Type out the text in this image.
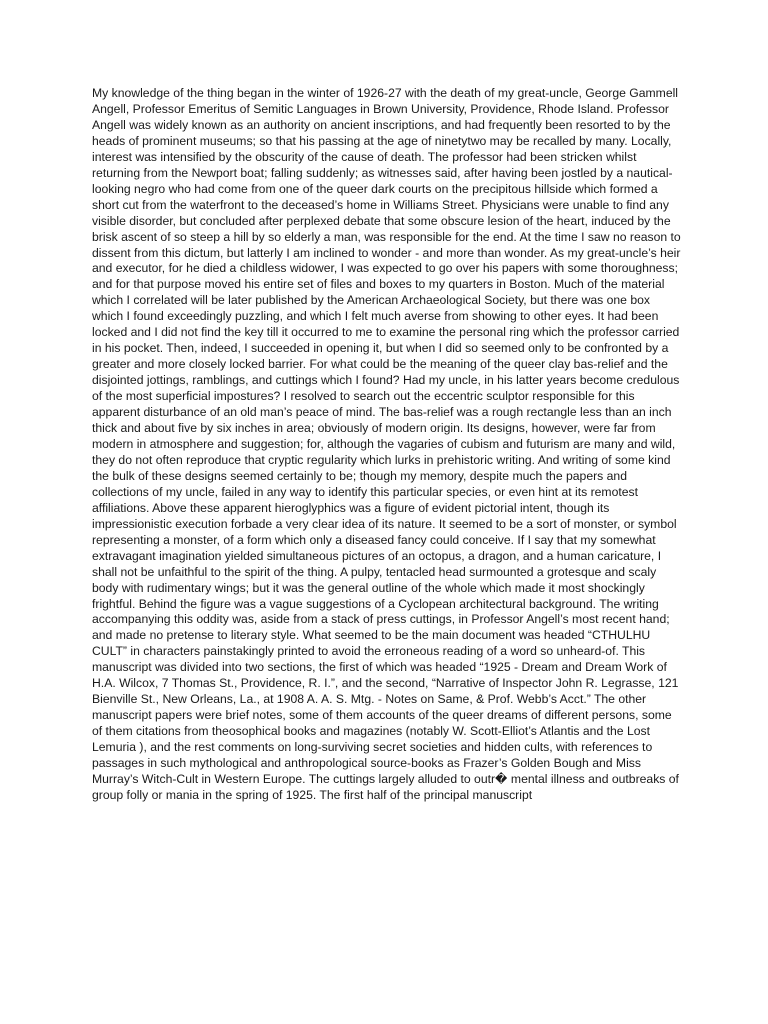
My knowledge of the thing began in the winter of 1926-27 with the death of my great-uncle, George Gammell Angell, Professor Emeritus of Semitic Languages in Brown University, Providence, Rhode Island. Professor Angell was widely known as an authority on ancient inscriptions, and had frequently been resorted to by the heads of prominent museums; so that his passing at the age of ninetytwo may be recalled by many. Locally, interest was intensified by the obscurity of the cause of death. The professor had been stricken whilst returning from the Newport boat; falling suddenly; as witnesses said, after having been jostled by a nautical-looking negro who had come from one of the queer dark courts on the precipitous hillside which formed a short cut from the waterfront to the deceased’s home in Williams Street. Physicians were unable to find any visible disorder, but concluded after perplexed debate that some obscure lesion of the heart, induced by the brisk ascent of so steep a hill by so elderly a man, was responsible for the end. At the time I saw no reason to dissent from this dictum, but latterly I am inclined to wonder - and more than wonder. As my great-uncle’s heir and executor, for he died a childless widower, I was expected to go over his papers with some thoroughness; and for that purpose moved his entire set of files and boxes to my quarters in Boston. Much of the material which I correlated will be later published by the American Archaeological Society, but there was one box which I found exceedingly puzzling, and which I felt much averse from showing to other eyes. It had been locked and I did not find the key till it occurred to me to examine the personal ring which the professor carried in his pocket. Then, indeed, I succeeded in opening it, but when I did so seemed only to be confronted by a greater and more closely locked barrier. For what could be the meaning of the queer clay bas-relief and the disjointed jottings, ramblings, and cuttings which I found? Had my uncle, in his latter years become credulous of the most superficial impostures? I resolved to search out the eccentric sculptor responsible for this apparent disturbance of an old man’s peace of mind. The bas-relief was a rough rectangle less than an inch thick and about five by six inches in area; obviously of modern origin. Its designs, however, were far from modern in atmosphere and suggestion; for, although the vagaries of cubism and futurism are many and wild, they do not often reproduce that cryptic regularity which lurks in prehistoric writing. And writing of some kind the bulk of these designs seemed certainly to be; though my memory, despite much the papers and collections of my uncle, failed in any way to identify this particular species, or even hint at its remotest affiliations. Above these apparent hieroglyphics was a figure of evident pictorial intent, though its impressionistic execution forbade a very clear idea of its nature. It seemed to be a sort of monster, or symbol representing a monster, of a form which only a diseased fancy could conceive. If I say that my somewhat extravagant imagination yielded simultaneous pictures of an octopus, a dragon, and a human caricature, I shall not be unfaithful to the spirit of the thing. A pulpy, tentacled head surmounted a grotesque and scaly body with rudimentary wings; but it was the general outline of the whole which made it most shockingly frightful. Behind the figure was a vague suggestions of a Cyclopean architectural background. The writing accompanying this oddity was, aside from a stack of press cuttings, in Professor Angell’s most recent hand; and made no pretense to literary style. What seemed to be the main document was headed “CTHULHU CULT” in characters painstakingly printed to avoid the erroneous reading of a word so unheard-of. This manuscript was divided into two sections, the first of which was headed “1925 - Dream and Dream Work of H.A. Wilcox, 7 Thomas St., Providence, R. I.”, and the second, “Narrative of Inspector John R. Legrasse, 121 Bienville St., New Orleans, La., at 1908 A. A. S. Mtg. - Notes on Same, & Prof. Webb’s Acct.” The other manuscript papers were brief notes, some of them accounts of the queer dreams of different persons, some of them citations from theosophical books and magazines (notably W. Scott-Elliot’s Atlantis and the Lost Lemuria ), and the rest comments on long-surviving secret societies and hidden cults, with references to passages in such mythological and anthropological source-books as Frazer’s Golden Bough and Miss Murray’s Witch-Cult in Western Europe. The cuttings largely alluded to outr� mental illness and outbreaks of group folly or mania in the spring of 1925. The first half of the principal manuscript
